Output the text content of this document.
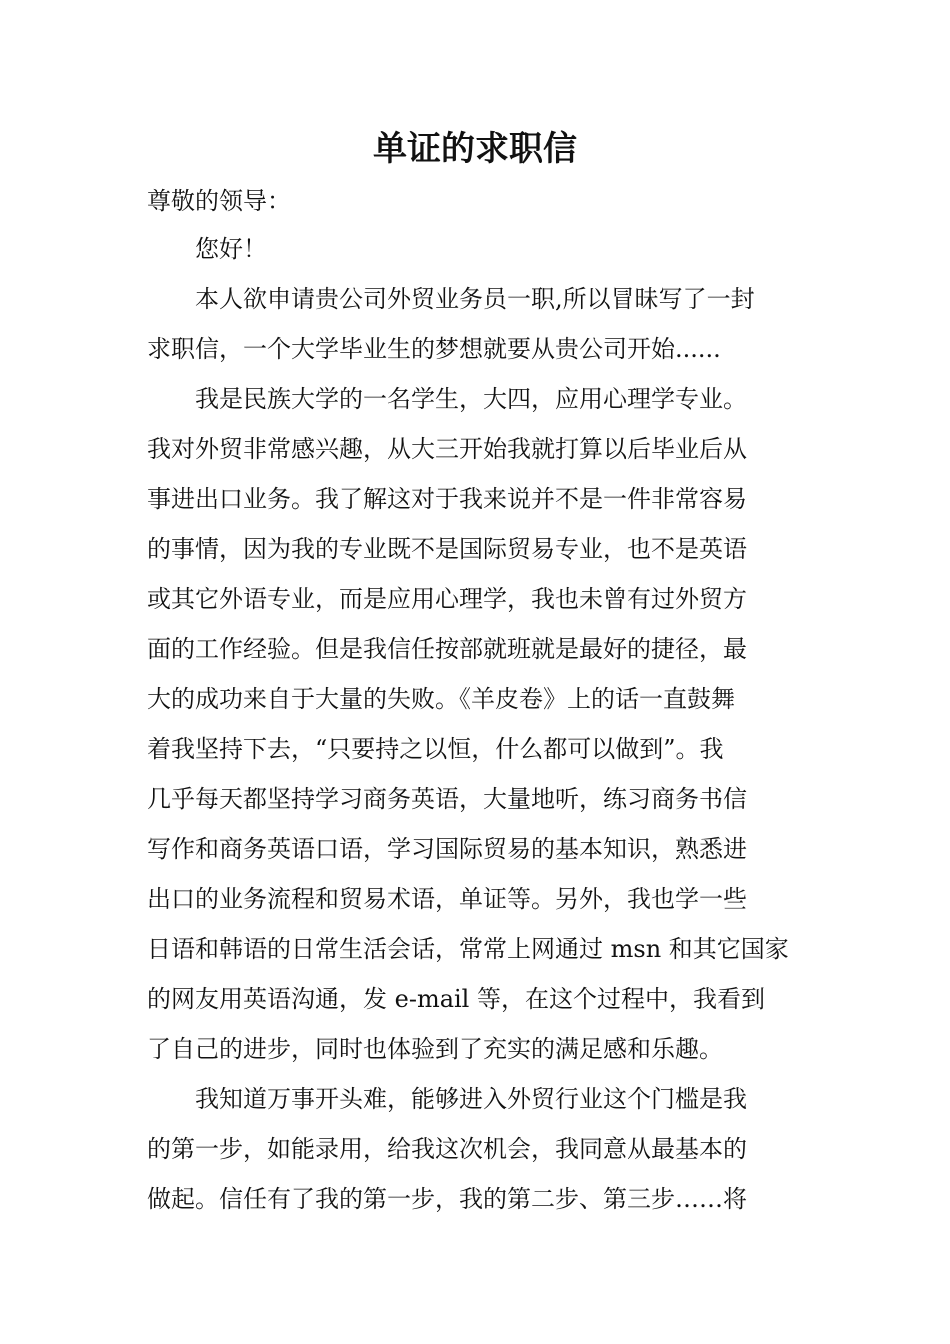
单证的求职信

尊敬的领导：

您好！

本人欲申请贵公司外贸业务员一职,所以冒昧写了一封

求职信，一个大学毕业生的梦想就要从贵公司开始......

我是民族大学的一名学生，大四，应用心理学专业。

我对外贸非常感兴趣，从大三开始我就打算以后毕业后从

事进出口业务。我了解这对于我来说并不是一件非常容易

的事情，因为我的专业既不是国际贸易专业，也不是英语

或其它外语专业，而是应用心理学，我也未曾有过外贸方

面的工作经验。但是我信任按部就班就是最好的捷径，最

大的成功来自于大量的失败。《羊皮卷》上的话一直鼓舞

着我坚持下去，“只要持之以恒，什么都可以做到”。我

几乎每天都坚持学习商务英语，大量地听，练习商务书信

写作和商务英语口语，学习国际贸易的基本知识，熟悉进

出口的业务流程和贸易术语，单证等。另外，我也学一些

日语和韩语的日常生活会话，常常上网通过 msn 和其它国家

的网友用英语沟通，发 e-mail 等，在这个过程中，我看到

了自己的进步，同时也体验到了充实的满足感和乐趣。

我知道万事开头难，能够进入外贸行业这个门槛是我

的第一步，如能录用，给我这次机会，我同意从最基本的

做起。信任有了我的第一步，我的第二步、第三步……将
